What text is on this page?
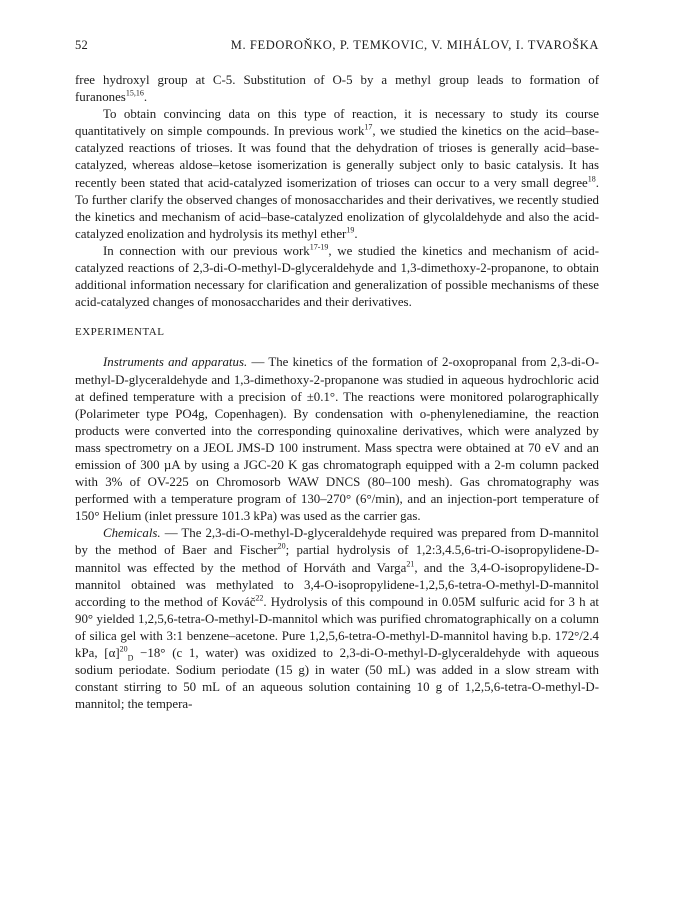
52	M. FEDOROŇKO, P. TEMKOVIC, V. MIHÁLOV, I. TVAROŠKA

free hydroxyl group at C-5. Substitution of O-5 by a methyl group leads to formation of furanones$^{15,16}$.

To obtain convincing data on this type of reaction, it is necessary to study its course quantitatively on simple compounds. In previous work$^{17}$, we studied the kinetics on the acid–base-catalyzed reactions of trioses. It was found that the dehydration of trioses is generally acid–base-catalyzed, whereas aldose–ketose isomerization is generally subject only to basic catalysis. It has recently been stated that acid-catalyzed isomerization of trioses can occur to a very small degree$^{18}$. To further clarify the observed changes of monosaccharides and their derivatives, we recently studied the kinetics and mechanism of acid–base-catalyzed enolization of glycolaldehyde and also the acid-catalyzed enolization and hydrolysis its methyl ether$^{19}$.

In connection with our previous work$^{17-19}$, we studied the kinetics and mechanism of acid-catalyzed reactions of 2,3-di-O-methyl-D-glyceraldehyde and 1,3-dimethoxy-2-propanone, to obtain additional information necessary for clarification and generalization of possible mechanisms of these acid-catalyzed changes of monosaccharides and their derivatives.

EXPERIMENTAL

Instruments and apparatus. — The kinetics of the formation of 2-oxopropanal from 2,3-di-O-methyl-D-glyceraldehyde and 1,3-dimethoxy-2-propanone was studied in aqueous hydrochloric acid at defined temperature with a precision of ±0.1°. The reactions were monitored polarographically (Polarimeter type PO4g, Copenhagen). By condensation with o-phenylenediamine, the reaction products were converted into the corresponding quinoxaline derivatives, which were analyzed by mass spectrometry on a JEOL JMS-D 100 instrument. Mass spectra were obtained at 70 eV and an emission of 300 µA by using a JGC-20 K gas chromatograph equipped with a 2-m column packed with 3% of OV-225 on Chromosorb WAW DNCS (80–100 mesh). Gas chromatography was performed with a temperature program of 130–270° (6°/min), and an injection-port temperature of 150° Helium (inlet pressure 101.3 kPa) was used as the carrier gas.

Chemicals. — The 2,3-di-O-methyl-D-glyceraldehyde required was prepared from D-mannitol by the method of Baer and Fischer$^{20}$; partial hydrolysis of 1,2:3,4.5,6-tri-O-isopropylidene-D-mannitol was effected by the method of Horváth and Varga$^{21}$, and the 3,4-O-isopropylidene-D-mannitol obtained was methylated to 3,4-O-isopropylidene-1,2,5,6-tetra-O-methyl-D-mannitol according to the method of Kováč$^{22}$. Hydrolysis of this compound in 0.05M sulfuric acid for 3 h at 90° yielded 1,2,5,6-tetra-O-methyl-D-mannitol which was purified chromatographically on a column of silica gel with 3:1 benzene–acetone. Pure 1,2,5,6-tetra-O-methyl-D-mannitol having b.p. 172°/2.4 kPa, $[\alpha]^{20}_D -18^\circ$ (c 1, water) was oxidized to 2,3-di-O-methyl-D-glyceraldehyde with aqueous sodium periodate. Sodium periodate (15 g) in water (50 mL) was added in a slow stream with constant stirring to 50 mL of an aqueous solution containing 10 g of 1,2,5,6-tetra-O-methyl-D-mannitol; the tempera-
